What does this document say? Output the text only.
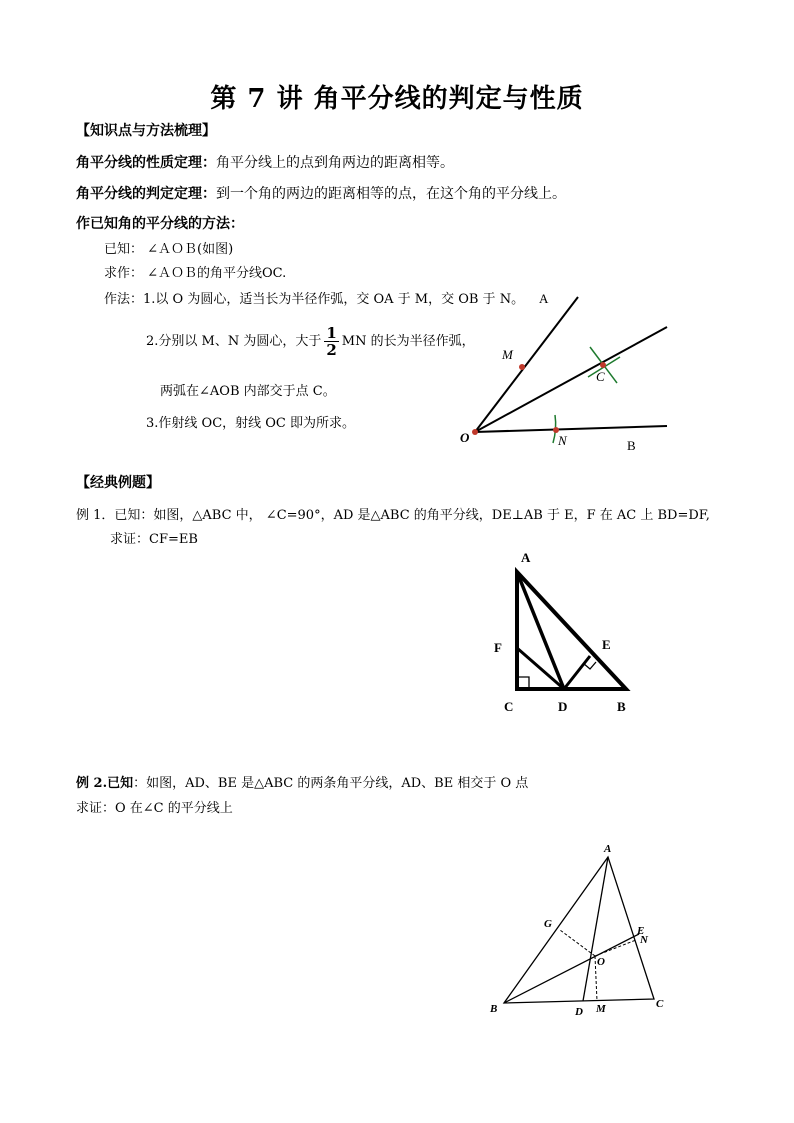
第 7 讲 角平分线的判定与性质
【知识点与方法梳理】
角平分线的性质定理：角平分线上的点到角两边的距离相等。
角平分线的判定定理：到一个角的两边的距离相等的点，在这个角的平分线上。
作已知角的平分线的方法：
已知： ∠ＡＯＢ(如图)
求作： ∠ＡＯＢ的角平分线OC.
作法：1.以 O 为圆心，适当长为半径作弧，交 OA 于 M，交 OB 于 N。
2.分别以 M、N 为圆心，大于 $\frac{1}{2}$ MN 的长为半径作弧，
两弧在∠AOB 内部交于点 C。
3.作射线 OC，射线 OC 即为所求。
A
M
C
O	N	B
【经典例题】
例 1．已知：如图，△ABC 中， ∠C=90°，AD 是△ABC 的角平分线，DE⊥AB 于 E，F 在 AC 上 BD=DF,
求证：CF=EB
A
F	E
C	D	B
例 2.已知：如图，AD、BE 是△ABC 的两条角平分线，AD、BE 相交于 O 点
求证：O 在∠C 的平分线上
A
G
E
N
O
B	D M	C
